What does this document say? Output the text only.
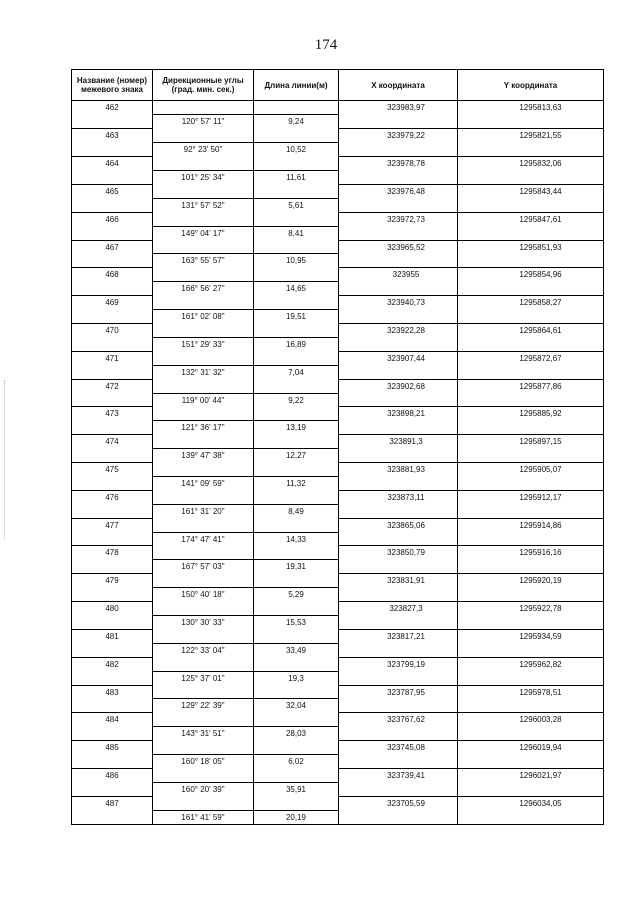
174
Название (номер) межевого знака	Дирекционные углы (град. мин. сек.)	Длина линии(м)	X координата	Y координата
462			323983,97	1295813,63
	120° 57' 11"	9,24		
463			323979,22	1295821,55
	92° 23' 50"	10,52		
464			323978,78	1295832,06
	101° 25' 34"	11,61		
465			323976,48	1295843,44
	131° 57' 52"	5,61		
466			323972,73	1295847,61
	149° 04' 17"	8,41		
467			323965,52	1295851,93
	163° 55' 57"	10,95		
468			323955	1295854,96
	166° 56' 27"	14,65		
469			323940,73	1295858,27
	161° 02' 08"	19,51		
470			323922,28	1295864,61
	151° 29' 33"	16,89		
471			323907,44	1295872,67
	132° 31' 32"	7,04		
472			323902,68	1295877,86
	119° 00' 44"	9,22		
473			323898,21	1295885,92
	121° 36' 17"	13,19		
474			323891,3	1295897,15
	139° 47' 38"	12,27		
475			323881,93	1295905,07
	141° 09' 59"	11,32		
476			323873,11	1295912,17
	161° 31' 20"	8,49		
477			323865,06	1295914,86
	174° 47' 41"	14,33		
478			323850,79	1295916,16
	167° 57' 03"	19,31		
479			323831,91	1295920,19
	150° 40' 18"	5,29		
480			323827,3	1295922,78
	130° 30' 33"	15,53		
481			323817,21	1295934,59
	122° 33' 04"	33,49		
482			323799,19	1295962,82
	125° 37' 01"	19,3		
483			323787,95	1295978,51
	129° 22' 39"	32,04		
484			323767,62	1296003,28
	143° 31' 51"	28,03		
485			323745,08	1296019,94
	160° 18' 05"	6,02		
486			323739,41	1296021,97
	160° 20' 39"	35,91		
487			323705,59	1296034,05
	161° 41' 59"	20,19		
